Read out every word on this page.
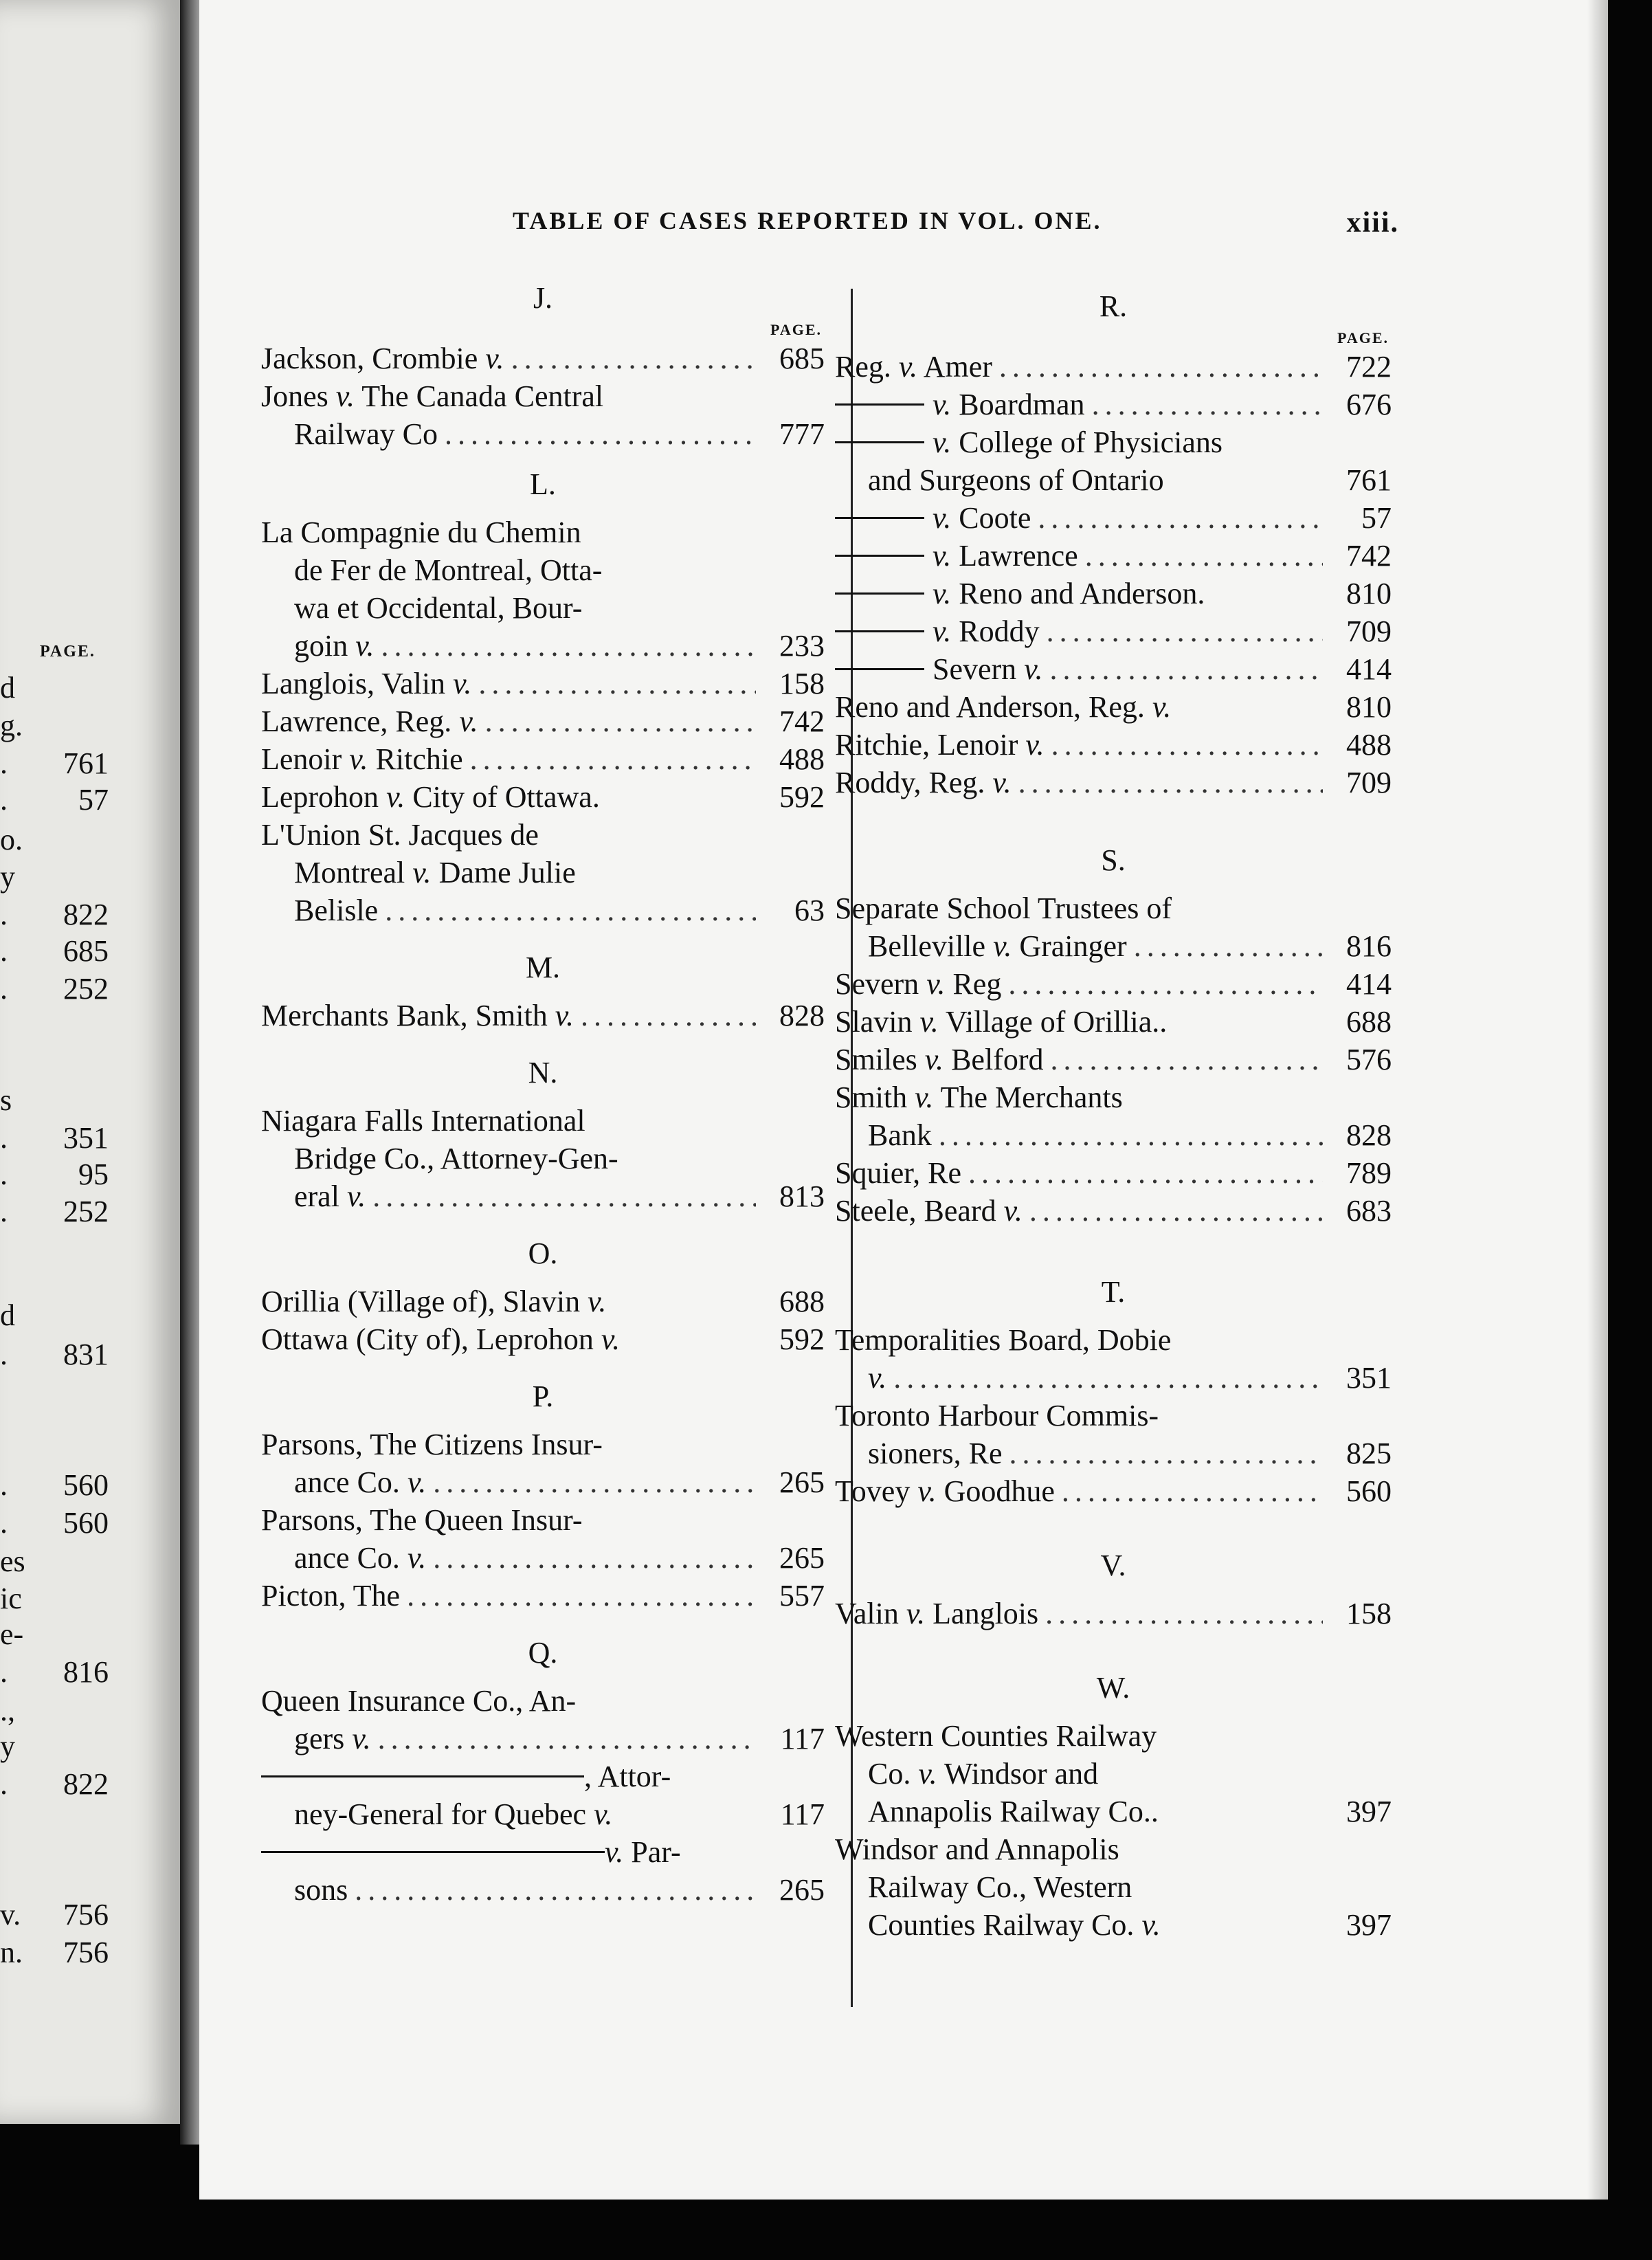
PAGE.
d
g.
. 761
. 57
o.
y
. 822
. 685
. 252
s
. 351
. 95
. 252
d
. 831
. 560
. 560
es
ic
e-
. 816
.,
y
. 822
v. 756
n. 756
TABLE OF CASES REPORTED IN VOL. ONE.	xiii.
J.
PAGE.
Jackson, Crombie v. .....	685
Jones v. The Canada Central
Railway Co .....	777
L.
La Compagnie du Chemin
de Fer de Montreal, Otta-
wa et Occidental, Bour-
goin v. .....	233
Langlois, Valin v. .....	158
Lawrence, Reg. v. .....	742
Lenoir v. Ritchie .....	488
Leprohon v. City of Ottawa.	592
L'Union St. Jacques de
Montreal v. Dame Julie
Belisle .....	63
M.
Merchants Bank, Smith v. .....	828
N.
Niagara Falls International
Bridge Co., Attorney-Gen-
eral v. .....	813
O.
Orillia (Village of), Slavin v.	688
Ottawa (City of), Leprohon v.	592
P.
Parsons, The Citizens Insur-
ance Co. v. .....	265
Parsons, The Queen Insur-
ance Co. v. .....	265
Picton, The .....	557
Q.
Queen Insurance Co., An-
gers v. .....	117
, Attor-
ney-General for Quebec v.	117
v. Par-
sons .....	265
R.
PAGE.
Reg. v. Amer .....	722
v. Boardman .....	676
v. College of Physicians
and Surgeons of Ontario	761
v. Coote .....	57
v. Lawrence .....	742
v. Reno and Anderson.	810
v. Roddy .....	709
Severn v. .....	414
Reno and Anderson, Reg. v.	810
Ritchie, Lenoir v. .....	488
Roddy, Reg. v. .....	709
S.
Separate School Trustees of
Belleville v. Grainger .....	816
Severn v. Reg .....	414
Slavin v. Village of Orillia..	688
Smiles v. Belford .....	576
Smith v. The Merchants
Bank .....	828
Squier, Re .....	789
Steele, Beard v. .....	683
T.
Temporalities Board, Dobie
v. .....	351
Toronto Harbour Commis-
sioners, Re .....	825
Tovey v. Goodhue .....	560
V.
Valin v. Langlois .....	158
W.
Western Counties Railway
Co. v. Windsor and
Annapolis Railway Co..	397
Windsor and Annapolis
Railway Co., Western
Counties Railway Co. v.	397
